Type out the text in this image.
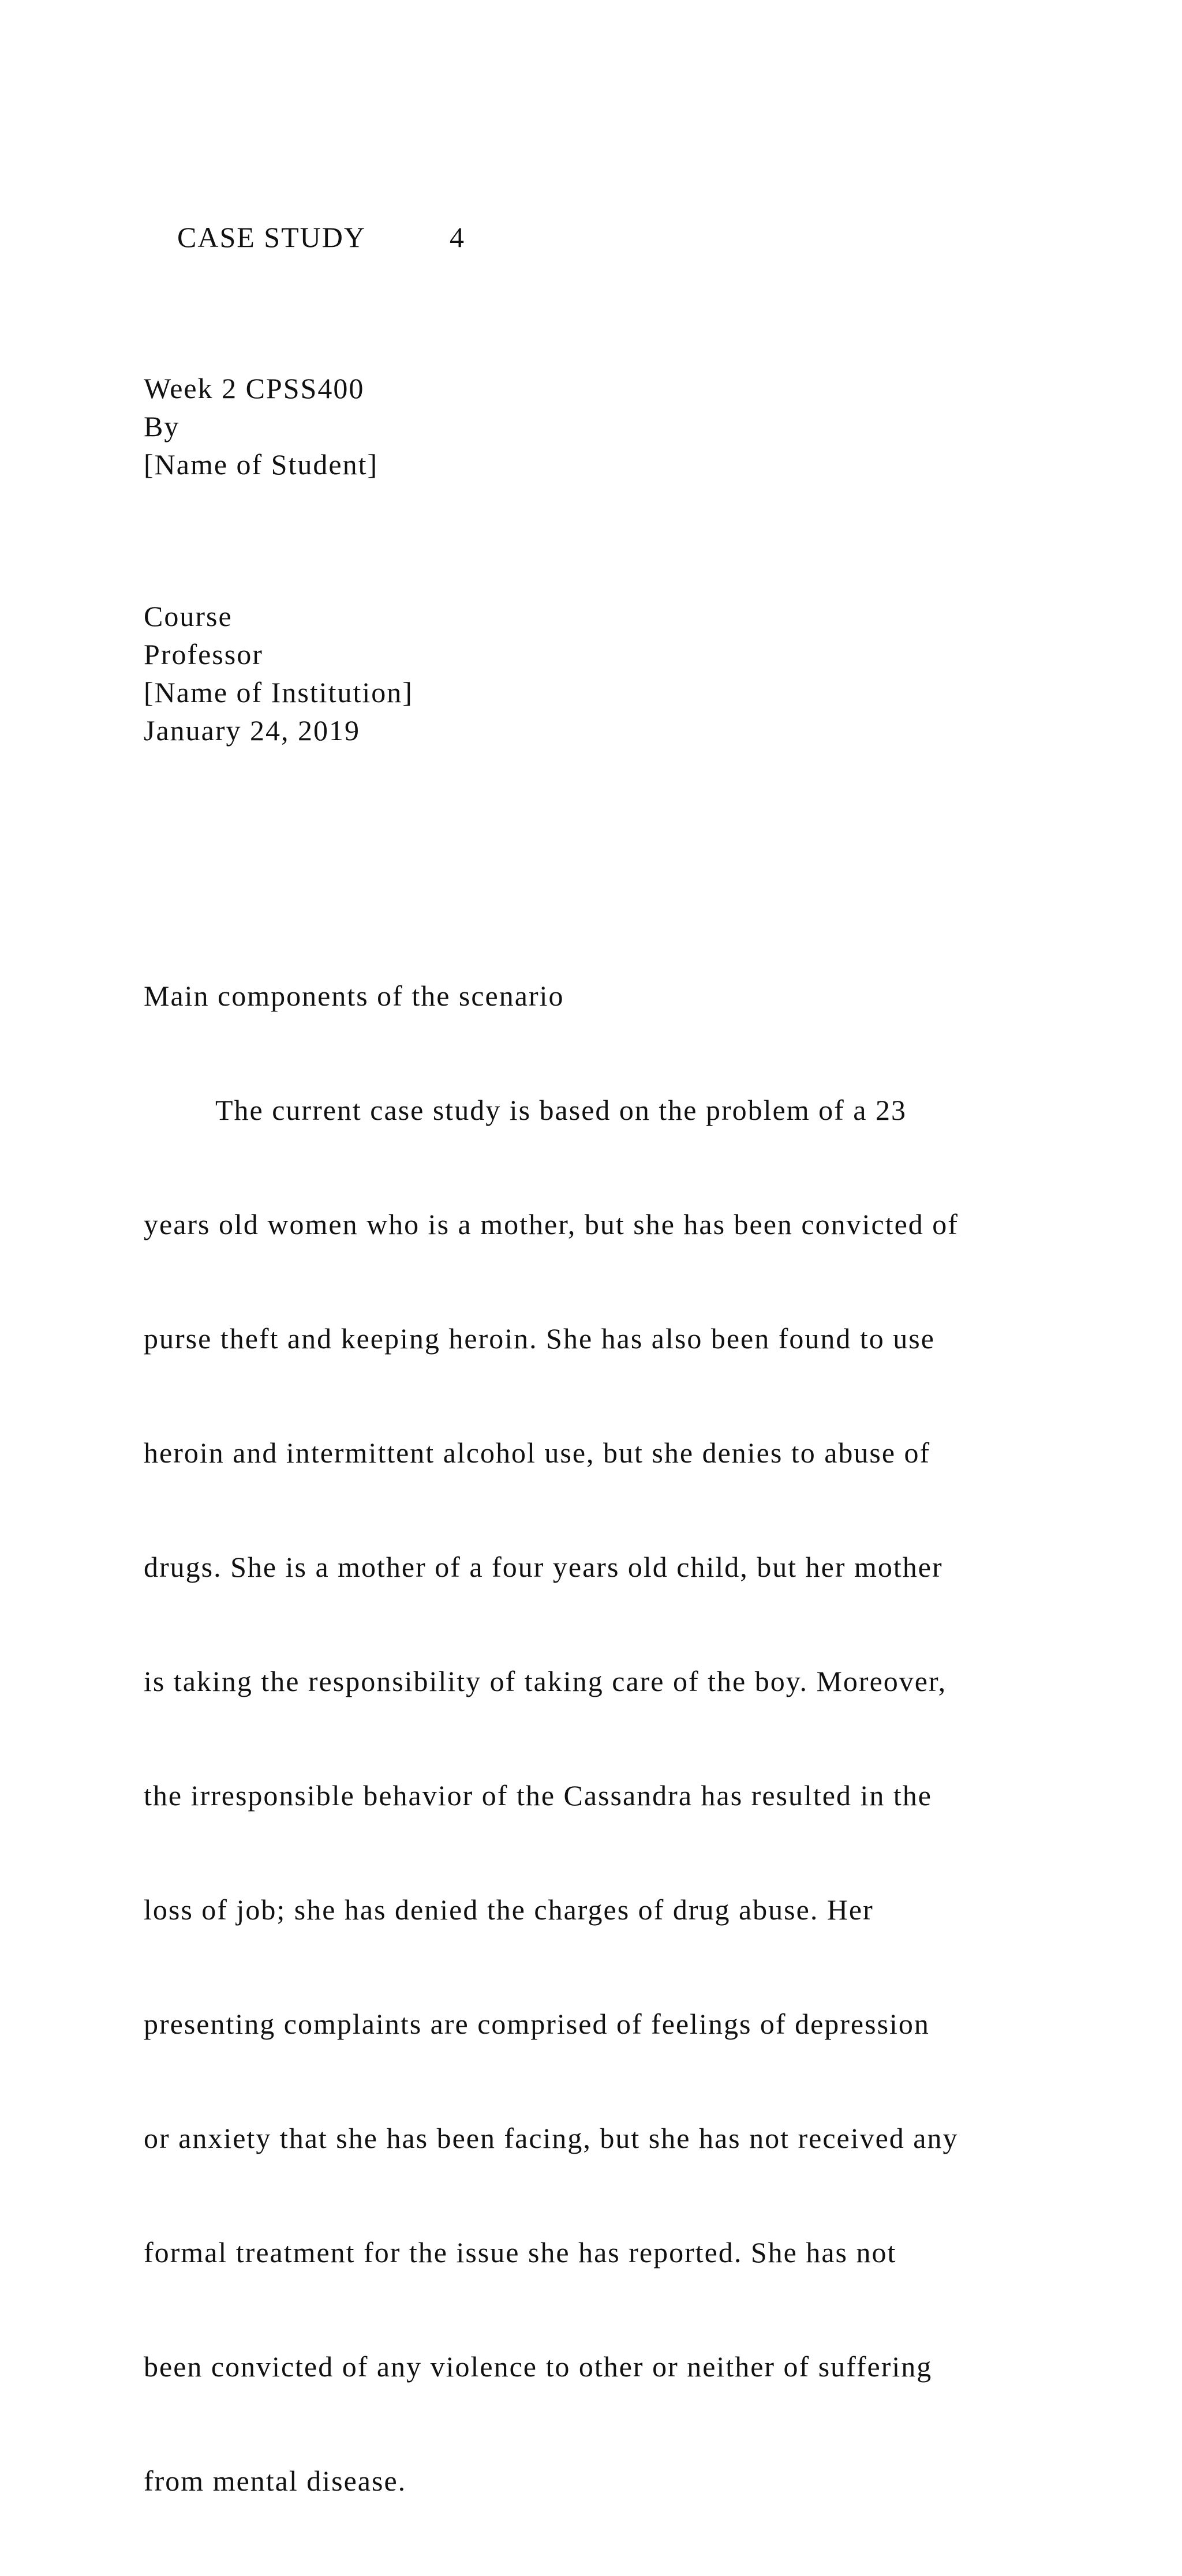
CASE STUDY	4

Week 2 CPSS400
By
[Name of Student]
Course
Professor
[Name of Institution]
January 24, 2019
Main components of the scenario

The current case study is based on the problem of a 23

years old women who is a mother, but she has been convicted of

purse theft and keeping heroin. She has also been found to use

heroin and intermittent alcohol use, but she denies to abuse of

drugs. She is a mother of a four years old child, but her mother

is taking the responsibility of taking care of the boy. Moreover,

the irresponsible behavior of the Cassandra has resulted in the

loss of job; she has denied the charges of drug abuse. Her

presenting complaints are comprised of feelings of depression

or anxiety that she has been facing, but she has not received any

formal treatment for the issue she has reported. She has not

been convicted of any violence to other or neither of suffering

from mental disease.
